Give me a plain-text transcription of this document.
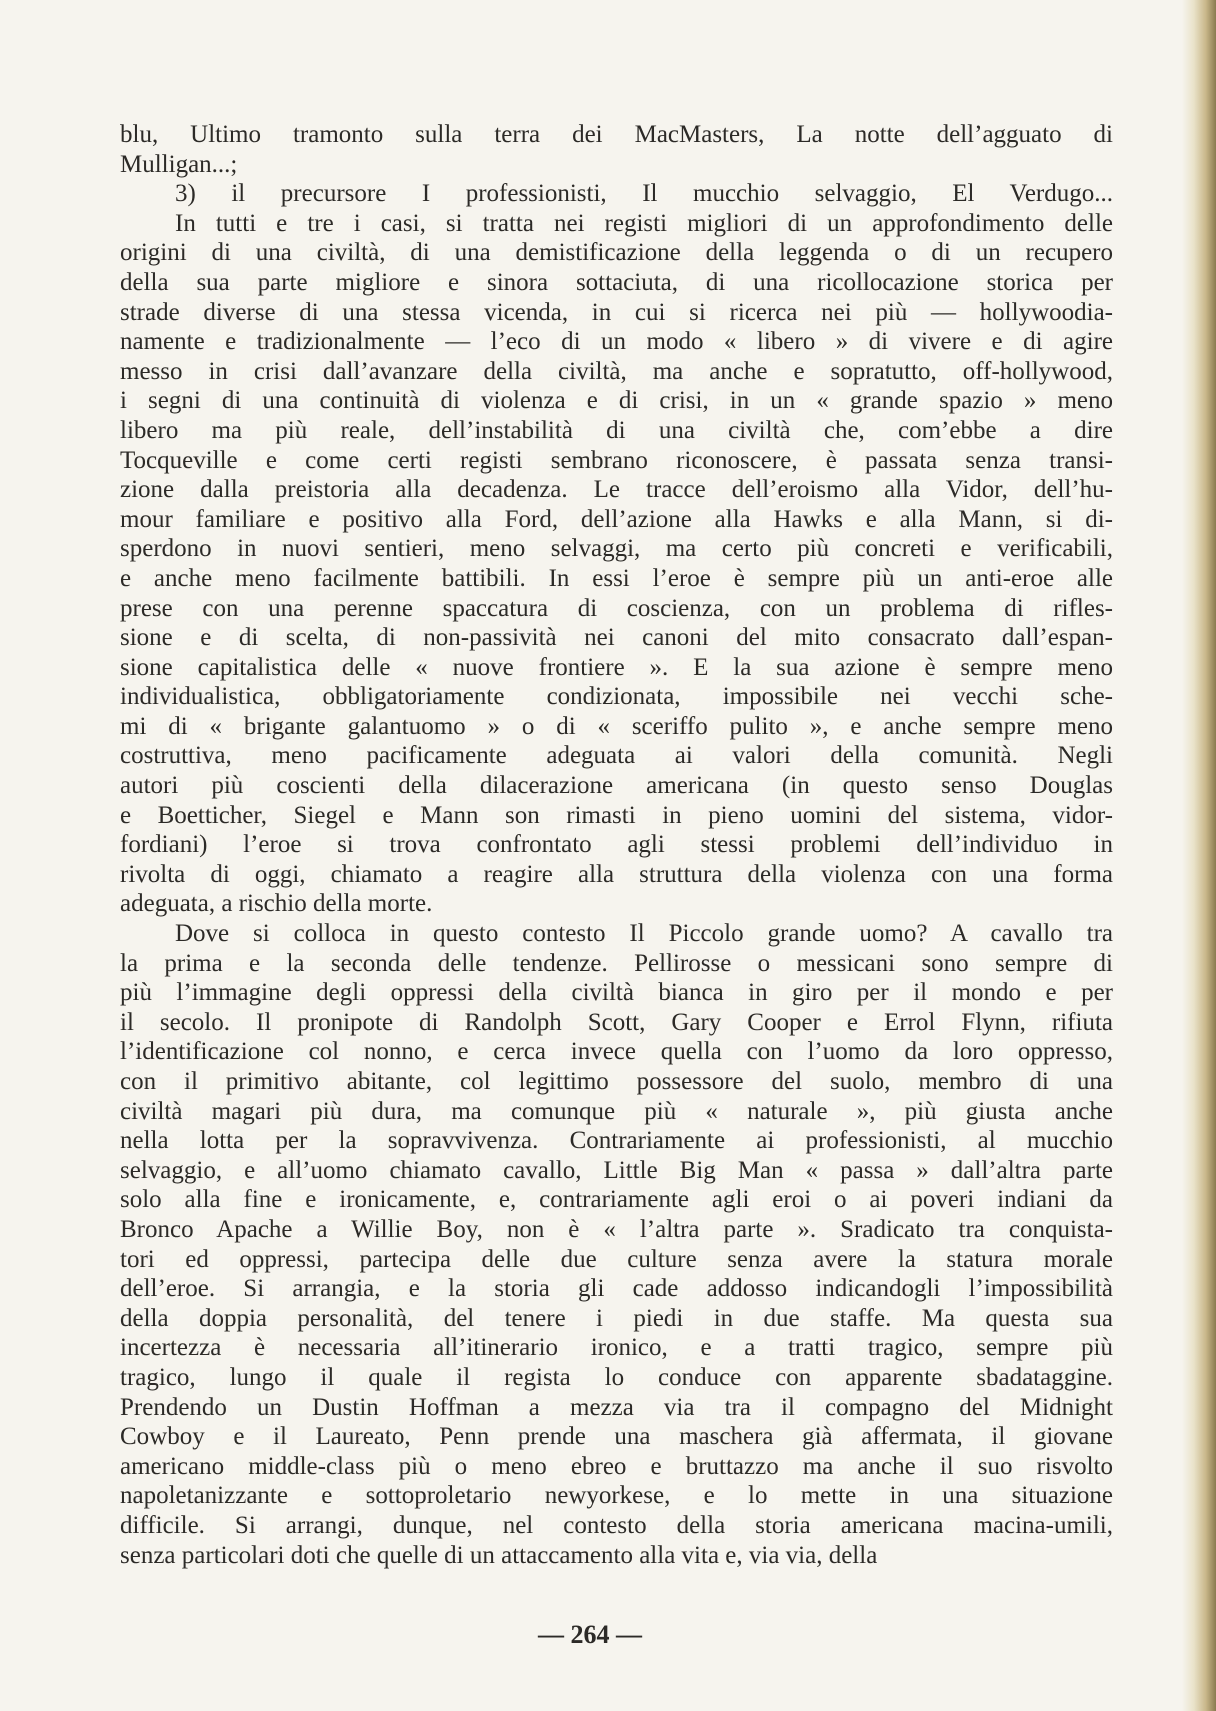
blu, Ultimo tramonto sulla terra dei MacMasters, La notte dell’agguato di
Mulligan...;

3) il precursore I professionisti, Il mucchio selvaggio, El Verdugo...
In tutti e tre i casi, si tratta nei registi migliori di un approfondimento delle
origini di una civiltà, di una demistificazione della leggenda o di un recupero
della sua parte migliore e sinora sottaciuta, di una ricollocazione storica per
strade diverse di una stessa vicenda, in cui si ricerca nei più — hollywoodia-
namente e tradizionalmente — l’eco di un modo « libero » di vivere e di agire
messo in crisi dall’avanzare della civiltà, ma anche e sopratutto, off-hollywood,
i segni di una continuità di violenza e di crisi, in un « grande spazio » meno
libero ma più reale, dell’instabilità di una civiltà che, com’ebbe a dire
Tocqueville e come certi registi sembrano riconoscere, è passata senza transi-
zione dalla preistoria alla decadenza. Le tracce dell’eroismo alla Vidor, dell’hu-
mour familiare e positivo alla Ford, dell’azione alla Hawks e alla Mann, si di-
sperdono in nuovi sentieri, meno selvaggi, ma certo più concreti e verificabili,
e anche meno facilmente battibili. In essi l’eroe è sempre più un anti-eroe alle
prese con una perenne spaccatura di coscienza, con un problema di rifles-
sione e di scelta, di non-passività nei canoni del mito consacrato dall’espan-
sione capitalistica delle « nuove frontiere ». E la sua azione è sempre meno
individualistica, obbligatoriamente condizionata, impossibile nei vecchi sche-
mi di « brigante galantuomo » o di « sceriffo pulito », e anche sempre meno
costruttiva, meno pacificamente adeguata ai valori della comunità. Negli
autori più coscienti della dilacerazione americana (in questo senso Douglas
e Boetticher, Siegel e Mann son rimasti in pieno uomini del sistema, vidor-
fordiani) l’eroe si trova confrontato agli stessi problemi dell’individuo in
rivolta di oggi, chiamato a reagire alla struttura della violenza con una forma
adeguata, a rischio della morte.

Dove si colloca in questo contesto Il Piccolo grande uomo? A cavallo tra
la prima e la seconda delle tendenze. Pellirosse o messicani sono sempre di
più l’immagine degli oppressi della civiltà bianca in giro per il mondo e per
il secolo. Il pronipote di Randolph Scott, Gary Cooper e Errol Flynn, rifiuta
l’identificazione col nonno, e cerca invece quella con l’uomo da loro oppresso,
con il primitivo abitante, col legittimo possessore del suolo, membro di una
civiltà magari più dura, ma comunque più « naturale », più giusta anche
nella lotta per la sopravvivenza. Contrariamente ai professionisti, al mucchio
selvaggio, e all’uomo chiamato cavallo, Little Big Man « passa » dall’altra parte
solo alla fine e ironicamente, e, contrariamente agli eroi o ai poveri indiani da
Bronco Apache a Willie Boy, non è « l’altra parte ». Sradicato tra conquista-
tori ed oppressi, partecipa delle due culture senza avere la statura morale
dell’eroe. Si arrangia, e la storia gli cade addosso indicandogli l’impossibilità
della doppia personalità, del tenere i piedi in due staffe. Ma questa sua
incertezza è necessaria all’itinerario ironico, e a tratti tragico, sempre più
tragico, lungo il quale il regista lo conduce con apparente sbadataggine.
Prendendo un Dustin Hoffman a mezza via tra il compagno del Midnight
Cowboy e il Laureato, Penn prende una maschera già affermata, il giovane
americano middle-class più o meno ebreo e bruttazzo ma anche il suo risvolto
napoletanizzante e sottoproletario newyorkese, e lo mette in una situazione
difficile. Si arrangi, dunque, nel contesto della storia americana macina-umili,
senza particolari doti che quelle di un attaccamento alla vita e, via via, della

— 264 —
